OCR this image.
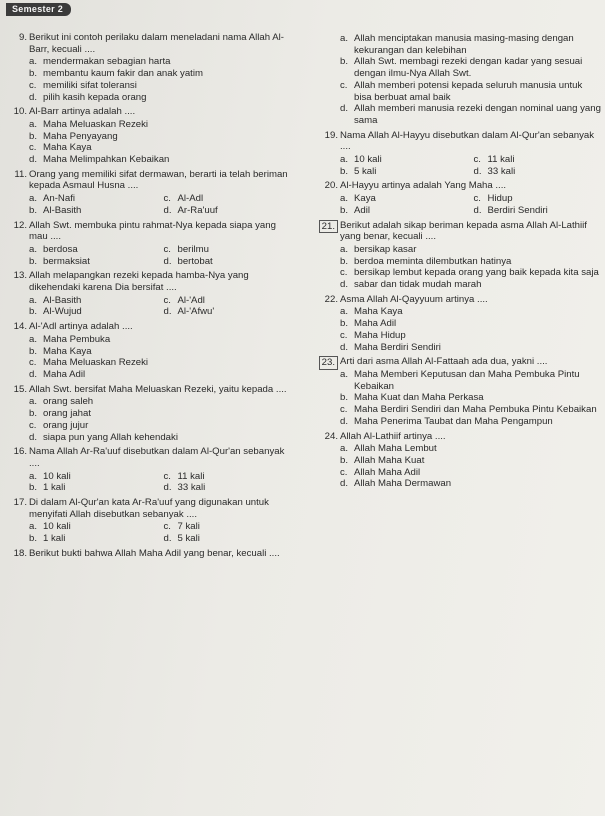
Semester 2
9. Berikut ini contoh perilaku dalam meneladani nama Allah Al-Barr, kecuali ....
a. mendermakan sebagian harta
b. membantu kaum fakir dan anak yatim
c. memiliki sifat toleransi
d. pilih kasih kepada orang
10. Al-Barr artinya adalah ....
a. Maha Meluaskan Rezeki
b. Maha Penyayang
c. Maha Kaya
d. Maha Melimpahkan Kebaikan
11. Orang yang memiliki sifat dermawan, berarti ia telah beriman kepada Asmaul Husna ....
a. An-Nafi	c. Al-Adl
b. Al-Basith	d. Ar-Ra'uuf
12. Allah Swt. membuka pintu rahmat-Nya kepada siapa yang mau ....
a. berdosa	c. berilmu
b. bermaksiat	d. bertobat
13. Allah melapangkan rezeki kepada hamba-Nya yang dikehendaki karena Dia bersifat ....
a. Al-Basith	c. Al-'Adl
b. Al-Wujud	d. Al-'Afwu'
14. Al-'Adl artinya adalah ....
a. Maha Pembuka
b. Maha Kaya
c. Maha Meluaskan Rezeki
d. Maha Adil
15. Allah Swt. bersifat Maha Meluaskan Rezeki, yaitu kepada ....
a. orang saleh
b. orang jahat
c. orang jujur
d. siapa pun yang Allah kehendaki
16. Nama Allah Ar-Ra'uuf disebutkan dalam Al-Qur'an sebanyak ....
a. 10 kali	c. 11 kali
b. 1 kali	d. 33 kali
17. Di dalam Al-Qur'an kata Ar-Ra'uuf yang digunakan untuk menyifati Allah disebutkan sebanyak ....
a. 10 kali	c. 7 kali
b. 1 kali	d. 5 kali
18. Berikut bukti bahwa Allah Maha Adil yang benar, kecuali ....
a. Allah menciptakan manusia masing-masing dengan kekurangan dan kelebihan
b. Allah Swt. membagi rezeki dengan kadar yang sesuai dengan ilmu-Nya Allah Swt.
c. Allah memberi potensi kepada seluruh manusia untuk bisa berbuat amal baik
d. Allah memberi manusia rezeki dengan nominal uang yang sama
19. Nama Allah Al-Hayyu disebutkan dalam Al-Qur'an sebanyak ....
a. 10 kali	c. 11 kali
b. 5 kali	d. 33 kali
20. Al-Hayyu artinya adalah Yang Maha ....
a. Kaya	c. Hidup
b. Adil	d. Berdiri Sendiri
21. Berikut adalah sikap beriman kepada asma Allah Al-Lathiif yang benar, kecuali ....
a. bersikap kasar
b. berdoa meminta dilembutkan hatinya
c. bersikap lembut kepada orang yang baik kepada kita saja
d. sabar dan tidak mudah marah
22. Asma Allah Al-Qayyuum artinya ....
a. Maha Kaya
b. Maha Adil
c. Maha Hidup
d. Maha Berdiri Sendiri
23. Arti dari asma Allah Al-Fattaah ada dua, yakni ....
a. Maha Memberi Keputusan dan Maha Pembuka Pintu Kebaikan
b. Maha Kuat dan Maha Perkasa
c. Maha Berdiri Sendiri dan Maha Pembuka Pintu Kebaikan
d. Maha Penerima Taubat dan Maha Pengampun
24. Allah Al-Lathiif artinya ....
a. Allah Maha Lembut
b. Allah Maha Kuat
c. Allah Maha Adil
d. Allah Maha Dermawan
